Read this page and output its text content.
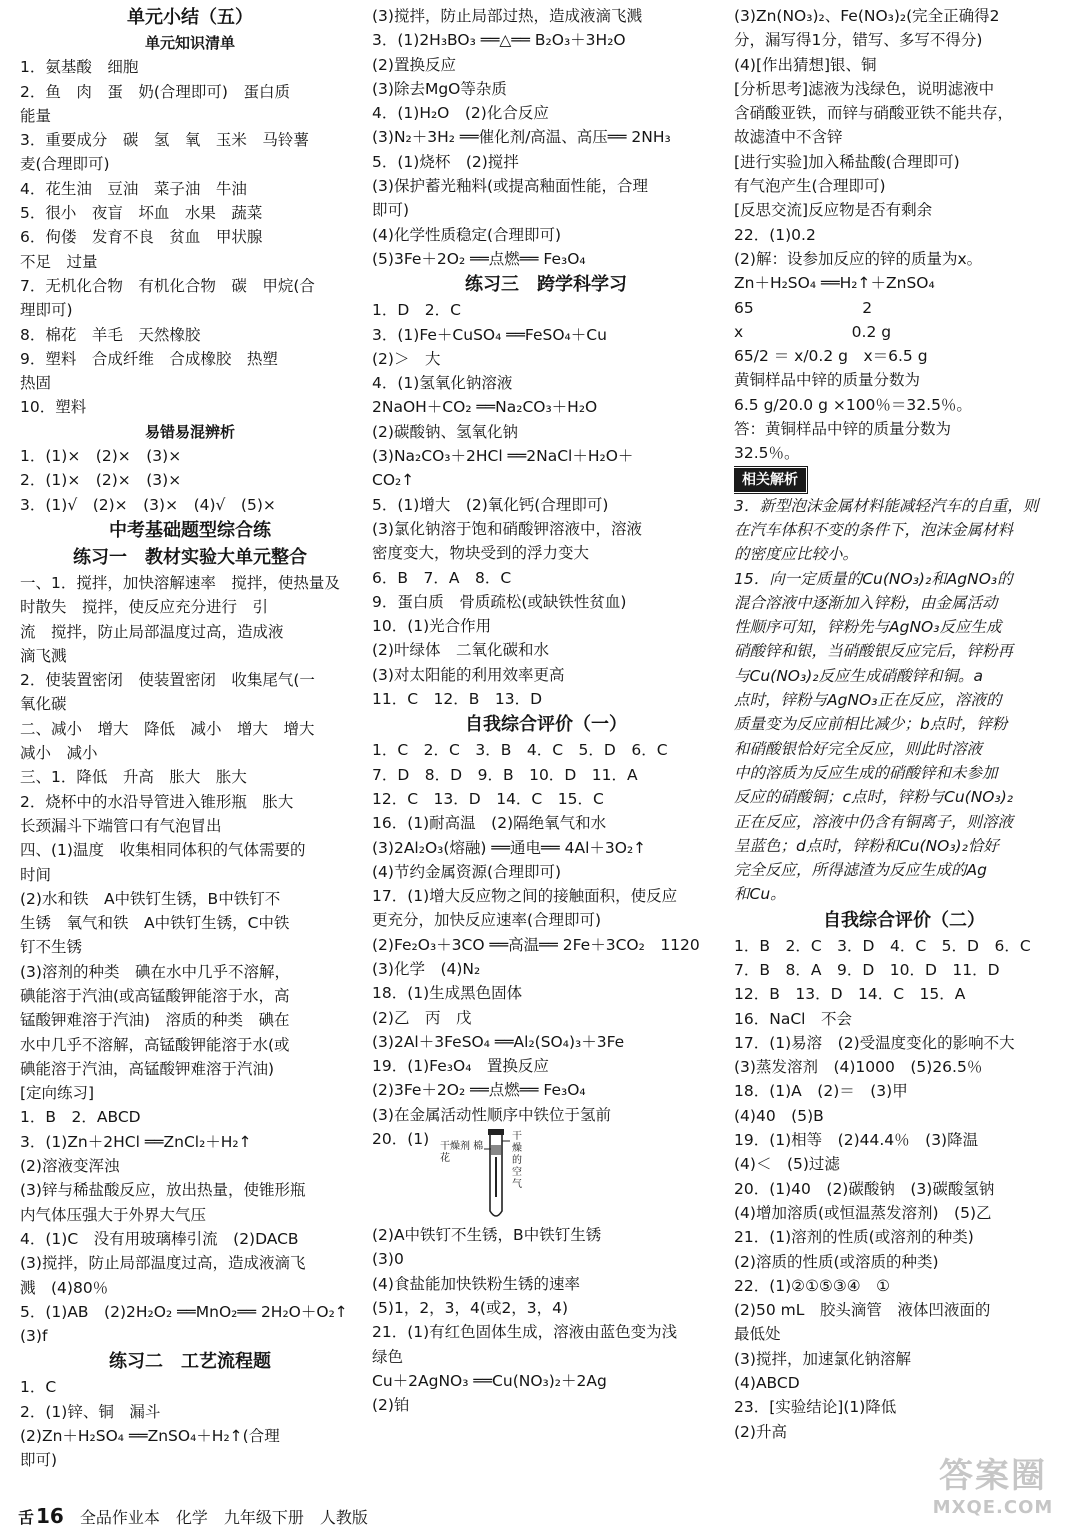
单元小结（五）
单元知识清单
1．氨基酸　细胞
2．鱼　肉　蛋　奶(合理即可)　蛋白质
能量
3．重要成分　碳　氢　氧　玉米　马铃薯
麦(合理即可)
4．花生油　豆油　菜子油　牛油
5．很小　夜盲　坏血　水果　蔬菜
6．佝偻　发育不良　贫血　甲状腺
不足　过量
7．无机化合物　有机化合物　碳　甲烷(合
理即可)
8．棉花　羊毛　天然橡胶
9．塑料　合成纤维　合成橡胶　热塑
热固
10．塑料
易错易混辨析
1．(1)×　(2)×　(3)×
2．(1)×　(2)×　(3)×
3．(1)√　(2)×　(3)×　(4)√　(5)×
中考基础题型综合练
练习一　教材实验大单元整合
一、1．搅拌，加快溶解速率　搅拌，使热量及
时散失　搅拌，使反应充分进行　引
流　搅拌，防止局部温度过高，造成液
滴飞溅
2．使装置密闭　使装置密闭　收集尾气(一
氧化碳
二、减小　增大　降低　减小　增大　增大
减小　减小
三、1．降低　升高　胀大　胀大
2．烧杯中的水沿导管进入锥形瓶　胀大
长颈漏斗下端管口有气泡冒出
四、(1)温度　收集相同体积的气体需要的
时间
(2)水和铁　A中铁钉生锈，B中铁钉不
生锈　氧气和铁　A中铁钉生锈，C中铁
钉不生锈
(3)溶剂的种类　碘在水中几乎不溶解，
碘能溶于汽油(或高锰酸钾能溶于水，高
锰酸钾难溶于汽油)　溶质的种类　碘在
水中几乎不溶解，高锰酸钾能溶于水(或
碘能溶于汽油，高锰酸钾难溶于汽油)
[定向练习]
1．B　2．ABCD
3．(1)Zn＋2HCl ══ZnCl₂＋H₂↑
(2)溶液变浑浊
(3)锌与稀盐酸反应，放出热量，使锥形瓶
内气体压强大于外界大气压
4．(1)C　没有用玻璃棒引流　(2)DACB
(3)搅拌，防止局部温度过高，造成液滴飞
溅　(4)80％
5．(1)AB　(2)2H₂O₂ ══MnO₂══ 2H₂O＋O₂↑
(3)f
练习二　工艺流程题
1．C
2．(1)锌、铜　漏斗
(2)Zn＋H₂SO₄ ══ZnSO₄＋H₂↑(合理
即可)
(3)搅拌，防止局部过热，造成液滴飞溅
3．(1)2H₃BO₃ ══△══ B₂O₃＋3H₂O
(2)置换反应
(3)除去MgO等杂质
4．(1)H₂O　(2)化合反应
(3)N₂＋3H₂ ══催化剂/高温、高压══ 2NH₃
5．(1)烧杯　(2)搅拌
(3)保护蓄光釉料(或提高釉面性能，合理
即可)
(4)化学性质稳定(合理即可)
(5)3Fe＋2O₂ ══点燃══ Fe₃O₄
练习三　跨学科学习
1．D　2．C
3．(1)Fe＋CuSO₄ ══FeSO₄＋Cu
(2)＞　大
4．(1)氢氧化钠溶液
2NaOH＋CO₂ ══Na₂CO₃＋H₂O
(2)碳酸钠、氢氧化钠
(3)Na₂CO₃＋2HCl ══2NaCl＋H₂O＋
CO₂↑
5．(1)增大　(2)氧化钙(合理即可)
(3)氯化钠溶于饱和硝酸钾溶液中，溶液
密度变大，物块受到的浮力变大
6．B　7．A　8．C
9．蛋白质　骨质疏松(或缺铁性贫血)
10．(1)光合作用
(2)叶绿体　二氧化碳和水
(3)对太阳能的利用效率更高
11．C　12．B　13．D
自我综合评价（一）
1．C　2．C　3．B　4．C　5．D　6．C
7．D　8．D　9．B　10．D　11．A
12．C　13．D　14．C　15．C
16．(1)耐高温　(2)隔绝氧气和水
(3)2Al₂O₃(熔融) ══通电══ 4Al＋3O₂↑
(4)节约金属资源(合理即可)
17．(1)增大反应物之间的接触面积，使反应
更充分，加快反应速率(合理即可)
(2)Fe₂O₃＋3CO ══高温══ 2Fe＋3CO₂　1120
(3)化学　(4)N₂
18．(1)生成黑色固体
(2)乙　丙　戊
(3)2Al＋3FeSO₄ ══Al₂(SO₄)₃＋3Fe
19．(1)Fe₃O₄　置换反应
(2)3Fe＋2O₂ ══点燃══ Fe₃O₄
(3)在金属活动性顺序中铁位于氢前
20．(1)	干燥剂 棉花
干燥的空气
(2)A中铁钉不生锈，B中铁钉生锈
(3)0
(4)食盐能加快铁粉生锈的速率
(5)1，2，3，4(或2，3，4)
21．(1)有红色固体生成，溶液由蓝色变为浅
绿色
Cu＋2AgNO₃ ══Cu(NO₃)₂＋2Ag
(2)铂
(3)Zn(NO₃)₂、Fe(NO₃)₂(完全正确得2
分，漏写得1分，错写、多写不得分)
(4)[作出猜想]银、铜
[分析思考]滤液为浅绿色，说明滤液中
含硝酸亚铁，而锌与硝酸亚铁不能共存，
故滤渣中不含锌
[进行实验]加入稀盐酸(合理即可)
有气泡产生(合理即可)
[反思交流]反应物是否有剩余
22．(1)0.2
(2)解：设参加反应的锌的质量为x。
Zn＋H₂SO₄ ══H₂↑＋ZnSO₄
65　　　　　　　2
x　　　　　　　0.2 g
65/2 ＝ x/0.2 g　x＝6.5 g
黄铜样品中锌的质量分数为
6.5 g/20.0 g ×100％＝32.5％。
答：黄铜样品中锌的质量分数为
32.5％。
相关解析
3．新型泡沫金属材料能减轻汽车的自重，则
在汽车体积不变的条件下，泡沫金属材料
的密度应比较小。
15．向一定质量的Cu(NO₃)₂和AgNO₃的
混合溶液中逐渐加入锌粉，由金属活动
性顺序可知，锌粉先与AgNO₃反应生成
硝酸锌和银，当硝酸银反应完后，锌粉再
与Cu(NO₃)₂反应生成硝酸锌和铜。a
点时，锌粉与AgNO₃正在反应，溶液的
质量变为反应前相比减少；b点时，锌粉
和硝酸银恰好完全反应，则此时溶液
中的溶质为反应生成的硝酸锌和未参加
反应的硝酸铜；c点时，锌粉与Cu(NO₃)₂
正在反应，溶液中仍含有铜离子，则溶液
呈蓝色；d点时，锌粉和Cu(NO₃)₂恰好
完全反应，所得滤渣为反应生成的Ag
和Cu。
自我综合评价（二）
1．B　2．C　3．D　4．C　5．D　6．C
7．B　8．A　9．D　10．D　11．D
12．B　13．D　14．C　15．A
16．NaCl　不会
17．(1)易溶　(2)受温度变化的影响不大
(3)蒸发溶剂　(4)1000　(5)26.5％
18．(1)A　(2)＝　(3)甲
(4)40　(5)B
19．(1)相等　(2)44.4％　(3)降温
(4)＜　(5)过滤
20．(1)40　(2)碳酸钠　(3)碳酸氢钠
(4)增加溶质(或恒温蒸发溶剂)　(5)乙
21．(1)溶剂的性质(或溶剂的种类)
(2)溶质的性质(或溶质的种类)
22．(1)②①⑤③④　①
(2)50 mL　胶头滴管　液体凹液面的
最低处
(3)搅拌，加速氯化钠溶解
(4)ABCD
23．[实验结论](1)降低
(2)升高
舌 16 全品作业本　化学　九年级下册　人教版
答案圈
MXQE.COM
